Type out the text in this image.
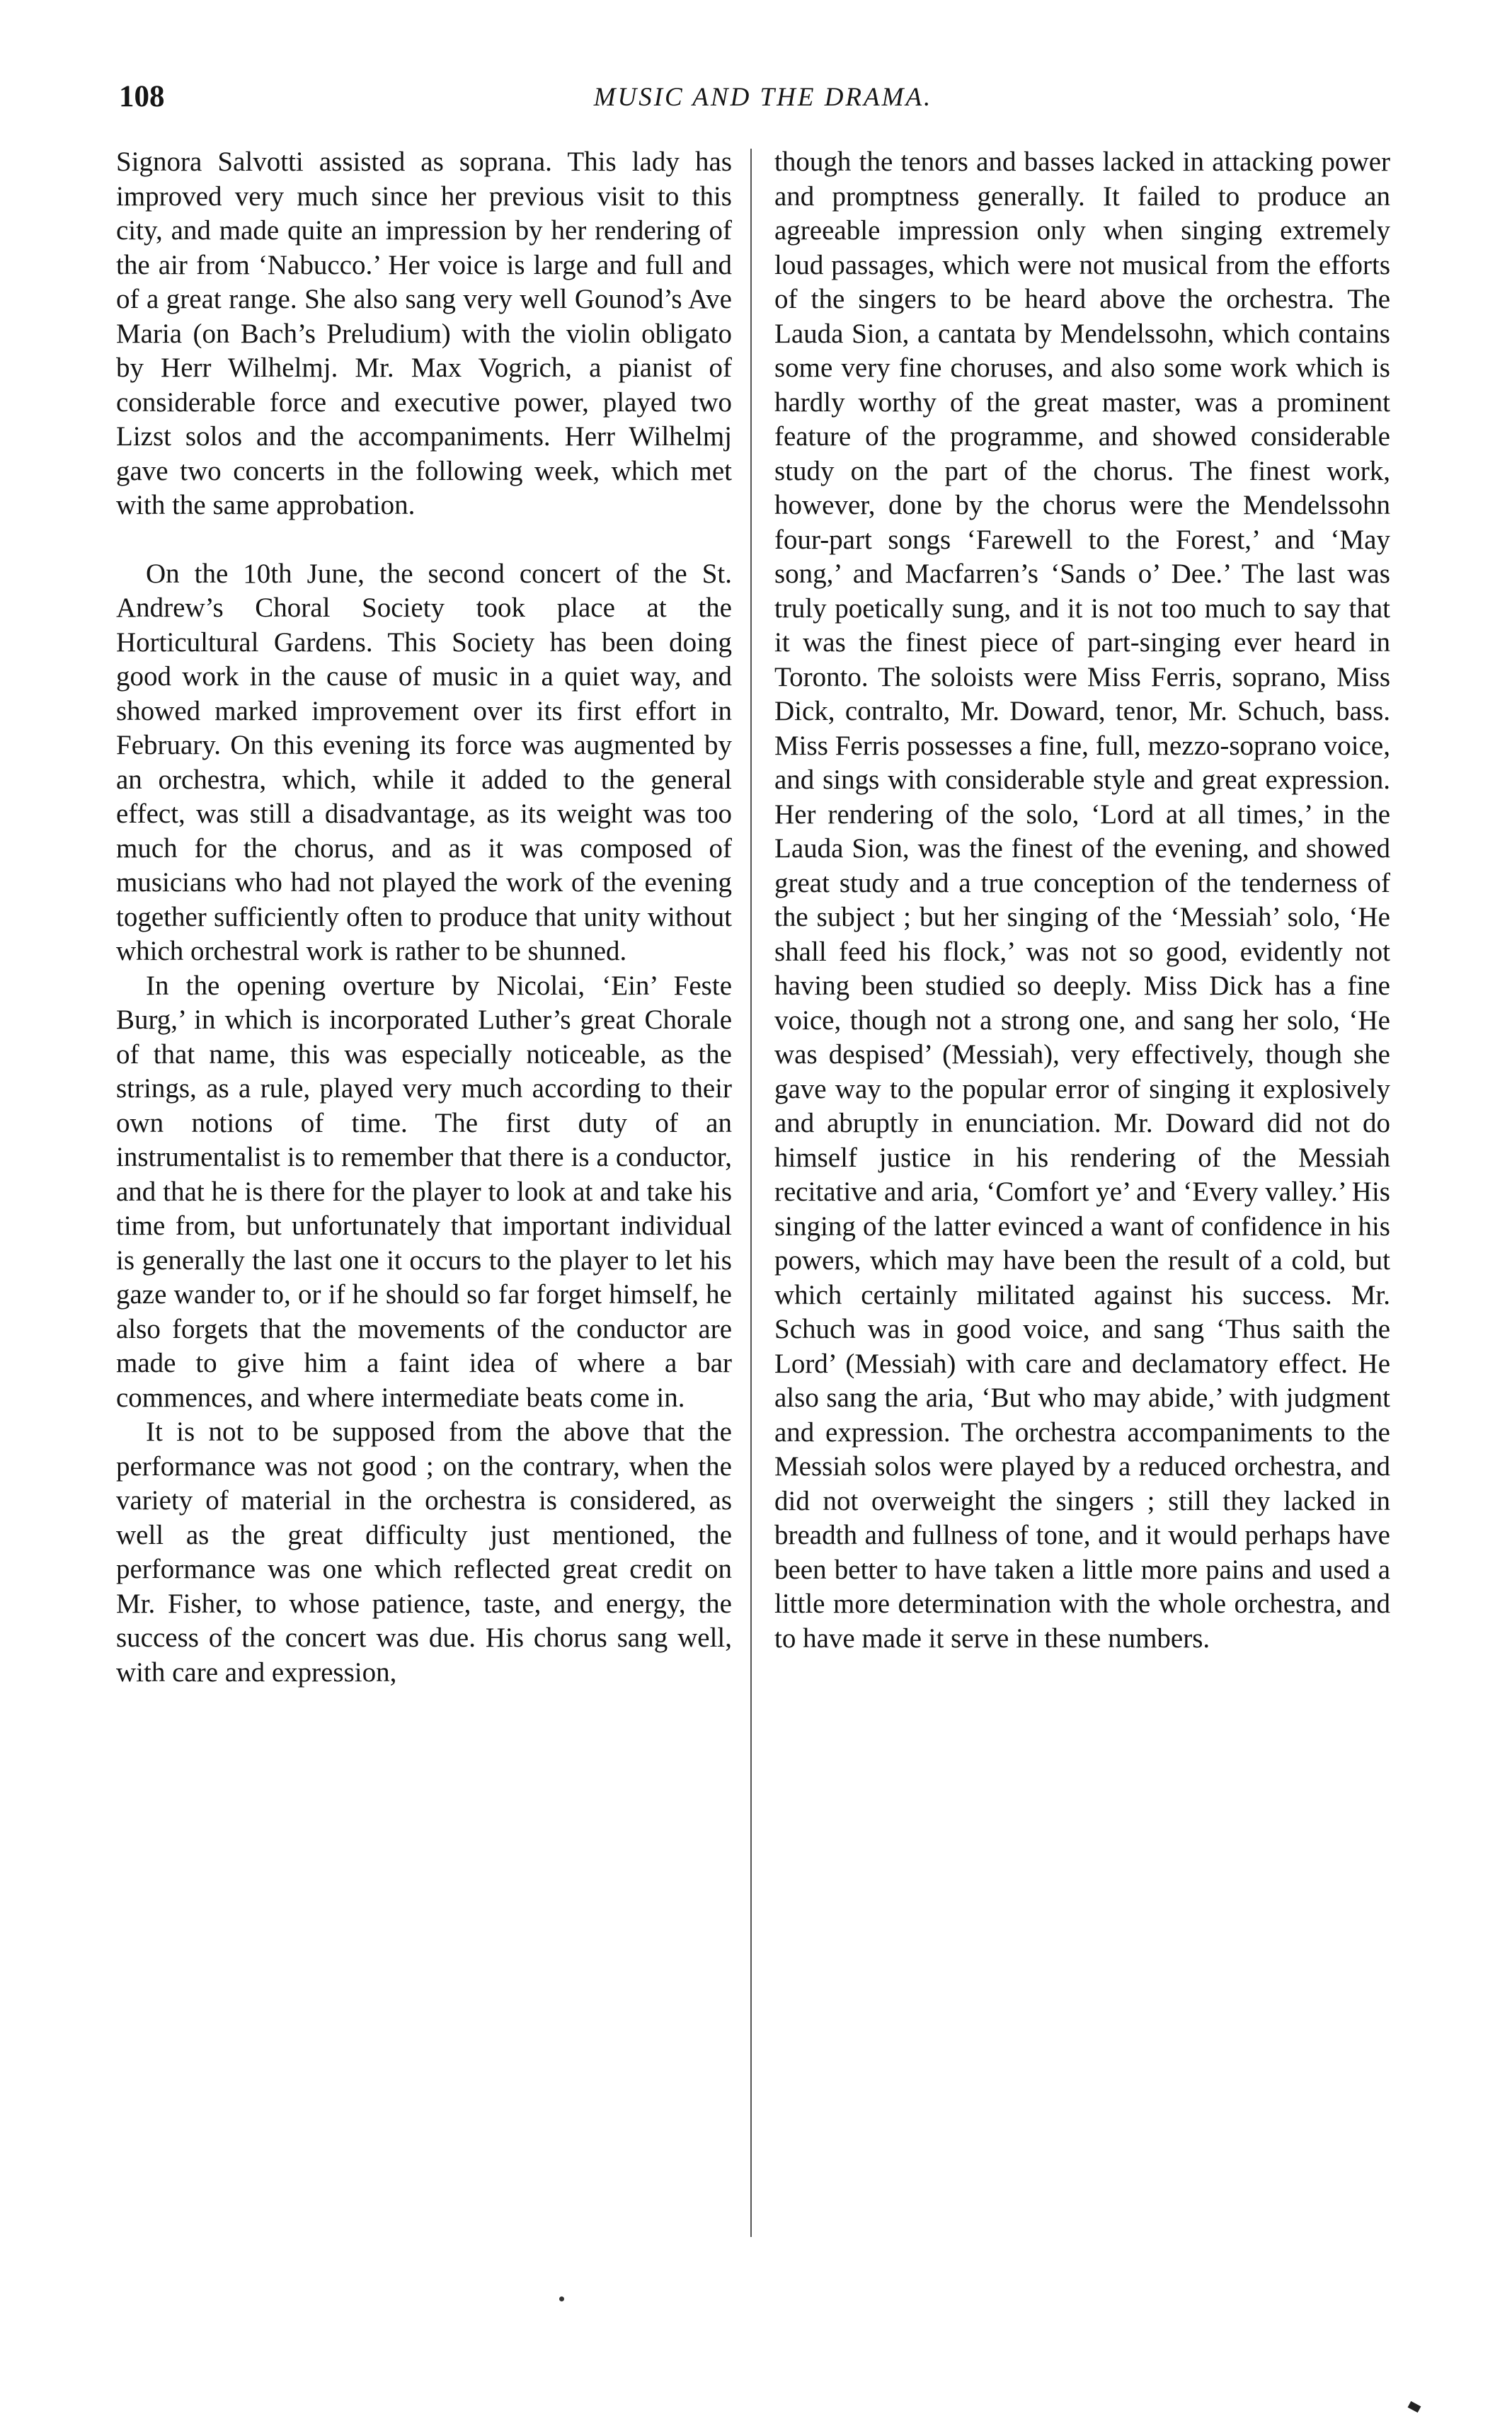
108	MUSIC AND THE DRAMA.

Signora Salvotti assisted as soprana. This lady has improved very much since her previous visit to this city, and made quite an impression by her rendering of the air from ‘Nabucco.’ Her voice is large and full and of a great range. She also sang very well Gounod’s Ave Maria (on Bach’s Preludium) with the violin obligato by Herr Wilhelmj. Mr. Max Vogrich, a pianist of considerable force and executive power, played two Lizst solos and the accompaniments. Herr Wilhelmj gave two concerts in the following week, which met with the same approbation.

On the 10th June, the second concert of the St. Andrew’s Choral Society took place at the Horticultural Gardens. This Society has been doing good work in the cause of music in a quiet way, and showed marked improvement over its first effort in February. On this evening its force was augmented by an orchestra, which, while it added to the general effect, was still a disadvantage, as its weight was too much for the chorus, and as it was composed of musicians who had not played the work of the evening together sufficiently often to produce that unity without which orchestral work is rather to be shunned.

In the opening overture by Nicolai, ‘Ein’ Feste Burg,’ in which is incorporated Luther’s great Chorale of that name, this was especially noticeable, as the strings, as a rule, played very much according to their own notions of time. The first duty of an instrumentalist is to remember that there is a conductor, and that he is there for the player to look at and take his time from, but unfortunately that important individual is generally the last one it occurs to the player to let his gaze wander to, or if he should so far forget himself, he also forgets that the movements of the conductor are made to give him a faint idea of where a bar commences, and where intermediate beats come in.

It is not to be supposed from the above that the performance was not good ; on the contrary, when the variety of material in the orchestra is considered, as well as the great difficulty just mentioned, the performance was one which reflected great credit on Mr. Fisher, to whose patience, taste, and energy, the success of the concert was due. His chorus sang well, with care and expression,

though the tenors and basses lacked in attacking power and promptness generally. It failed to produce an agreeable impression only when singing extremely loud passages, which were not musical from the efforts of the singers to be heard above the orchestra. The Lauda Sion, a cantata by Mendelssohn, which contains some very fine choruses, and also some work which is hardly worthy of the great master, was a prominent feature of the programme, and showed considerable study on the part of the chorus. The finest work, however, done by the chorus were the Mendelssohn four-part songs ‘Farewell to the Forest,’ and ‘May song,’ and Macfarren’s ‘Sands o’ Dee.’ The last was truly poetically sung, and it is not too much to say that it was the finest piece of part-singing ever heard in Toronto. The soloists were Miss Ferris, soprano, Miss Dick, contralto, Mr. Doward, tenor, Mr. Schuch, bass. Miss Ferris possesses a fine, full, mezzo-soprano voice, and sings with considerable style and great expression. Her rendering of the solo, ‘Lord at all times,’ in the Lauda Sion, was the finest of the evening, and showed great study and a true conception of the tenderness of the subject ; but her singing of the ‘Messiah’ solo, ‘He shall feed his flock,’ was not so good, evidently not having been studied so deeply. Miss Dick has a fine voice, though not a strong one, and sang her solo, ‘He was despised’ (Messiah), very effectively, though she gave way to the popular error of singing it explosively and abruptly in enunciation. Mr. Doward did not do himself justice in his rendering of the Messiah recitative and aria, ‘Comfort ye’ and ‘Every valley.’ His singing of the latter evinced a want of confidence in his powers, which may have been the result of a cold, but which certainly militated against his success. Mr. Schuch was in good voice, and sang ‘Thus saith the Lord’ (Messiah) with care and declamatory effect. He also sang the aria, ‘But who may abide,’ with judgment and expression. The orchestra accompaniments to the Messiah solos were played by a reduced orchestra, and did not overweight the singers ; still they lacked in breadth and fullness of tone, and it would perhaps have been better to have taken a little more pains and used a little more determination with the whole orchestra, and to have made it serve in these numbers.
